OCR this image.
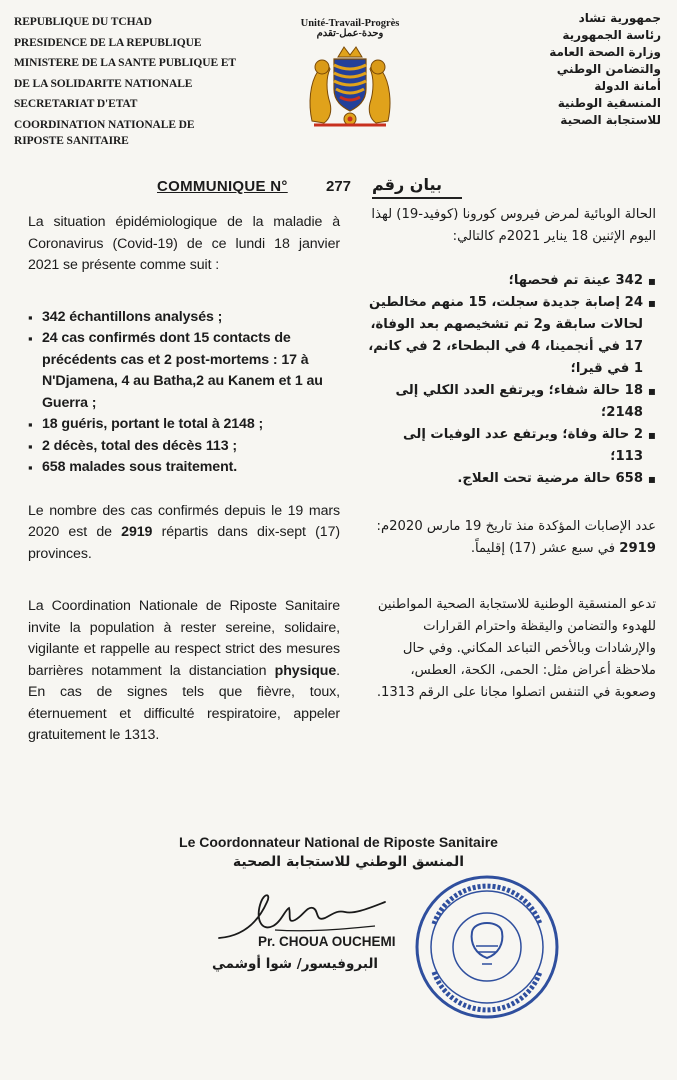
REPUBLIQUE DU TCHAD
PRESIDENCE DE LA REPUBLIQUE
MINISTERE DE LA SANTE PUBLIQUE ET
DE LA SOLIDARITE NATIONALE
SECRETARIAT D'ETAT
COORDINATION NATIONALE DE
RIPOSTE SANITAIRE
Unité-Travail-Progrès
وحدة-عمل-تقدم
جمهورية تشاد
رئاسة الجمهورية
وزارة الصحة العامة
والتضامن الوطني
أمانة الدولة
المنسقية الوطنية
للاستجابة الصحية
COMMUNIQUE N°	277 بيان رقم

La situation épidémiologique de la maladie à Coronavirus (Covid-19) de ce lundi 18 janvier 2021 se présente comme suit :

▪ 342 échantillons analysés ;
▪ 24 cas confirmés dont 15 contacts de précédents cas et 2 post-mortems : 17 à N'Djamena, 4 au Batha,2 au Kanem et 1 au Guerra ;
▪ 18 guéris, portant le total à 2148 ;
▪ 2 décès, total des décès 113 ;
▪ 658 malades sous traitement.

Le nombre des cas confirmés depuis le 19 mars 2020 est de 2919 répartis dans dix-sept (17) provinces.

La Coordination Nationale de Riposte Sanitaire invite la population à rester sereine, solidaire, vigilante et rappelle au respect strict des mesures barrières notamment la distanciation physique. En cas de signes tels que fièvre, toux, éternuement et difficulté respiratoire, appeler gratuitement le 1313.

الحالة الوبائية لمرض فيروس كورونا (كوفيد-19) لهذا اليوم الإثنين 18 يناير 2021م كالتالي:

▪ 342 عينة تم فحصها؛
▪ 24 إصابة جديدة سجلت، 15 منهم مخالطين لحالات سابقة و2 تم تشخيصهم بعد الوفاة، 17 في أنجمينا، 4 في البطحاء، 2 في كانم، 1 في قيرا؛
▪ 18 حالة شفاء؛ ويرتفع العدد الكلي إلى 2148؛
▪ 2 حالة وفاة؛ ويرتفع عدد الوفيات إلى 113؛
▪ 658 حالة مرضية تحت العلاج.

عدد الإصابات المؤكدة منذ تاريخ 19 مارس 2020م: 2919 في سبع عشر (17) إقليماً.

تدعو المنسقية الوطنية للاستجابة الصحية المواطنين للهدوء والتضامن واليقظة واحترام القرارات والإرشادات وبالأخص التباعد المكاني. وفي حال ملاحظة أعراض مثل: الحمى، الكحة، العطس، وصعوبة في التنفس اتصلوا مجانا على الرقم 1313.

Le Coordonnateur National de Riposte Sanitaire
المنسق الوطني للاستجابة الصحية
Pr. CHOUA OUCHEMI
البروفيسور/ شوا أوشمي
